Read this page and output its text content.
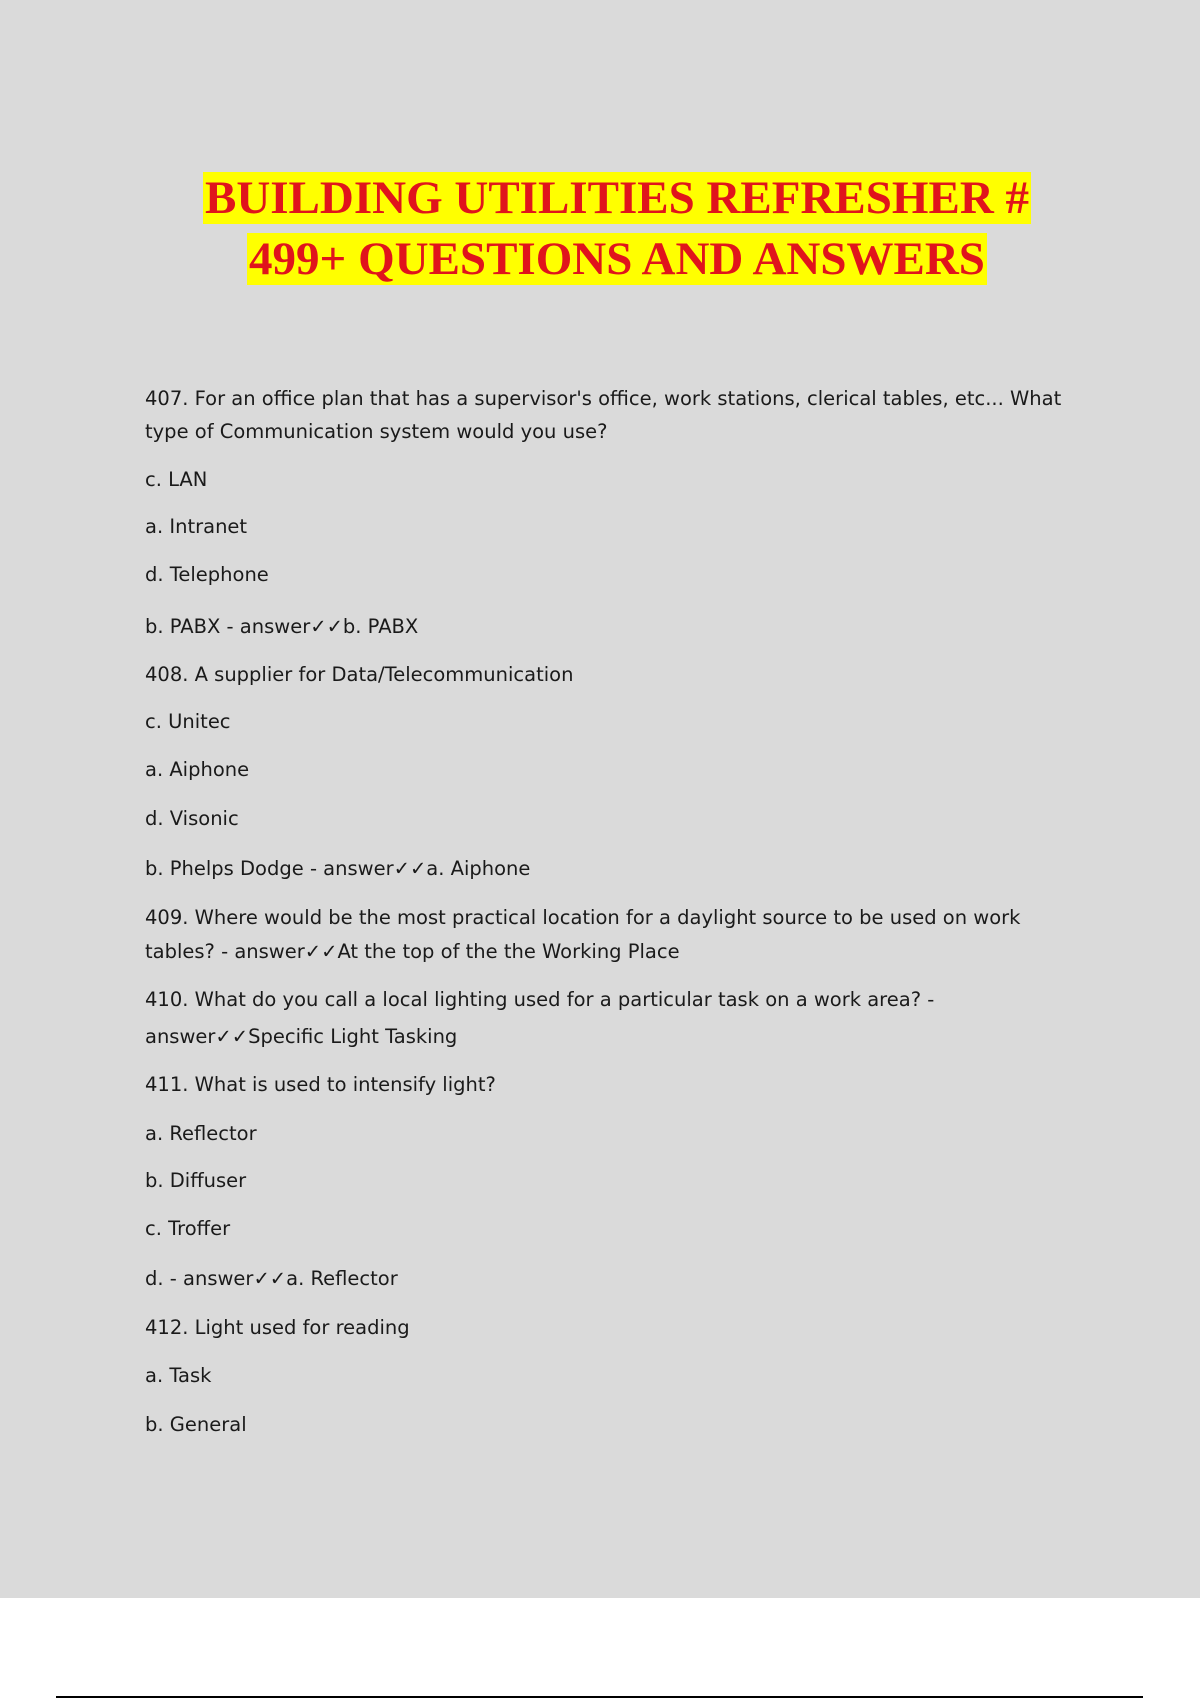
BUILDING UTILITIES REFRESHER #
499+ QUESTIONS AND ANSWERS
407. For an office plan that has a supervisor's office, work stations, clerical tables, etc... What
type of Communication system would you use?
c. LAN
a. Intranet
d. Telephone
b. PABX - answer✓✓b. PABX
408. A supplier for Data/Telecommunication
c. Unitec
a. Aiphone
d. Visonic
b. Phelps Dodge - answer✓✓a. Aiphone
409. Where would be the most practical location for a daylight source to be used on work
tables? - answer✓✓At the top of the the Working Place
410. What do you call a local lighting used for a particular task on a work area? -
answer✓✓Specific Light Tasking
411. What is used to intensify light?
a. Reflector
b. Diffuser
c. Troffer
d. - answer✓✓a. Reflector
412. Light used for reading
a. Task
b. General
